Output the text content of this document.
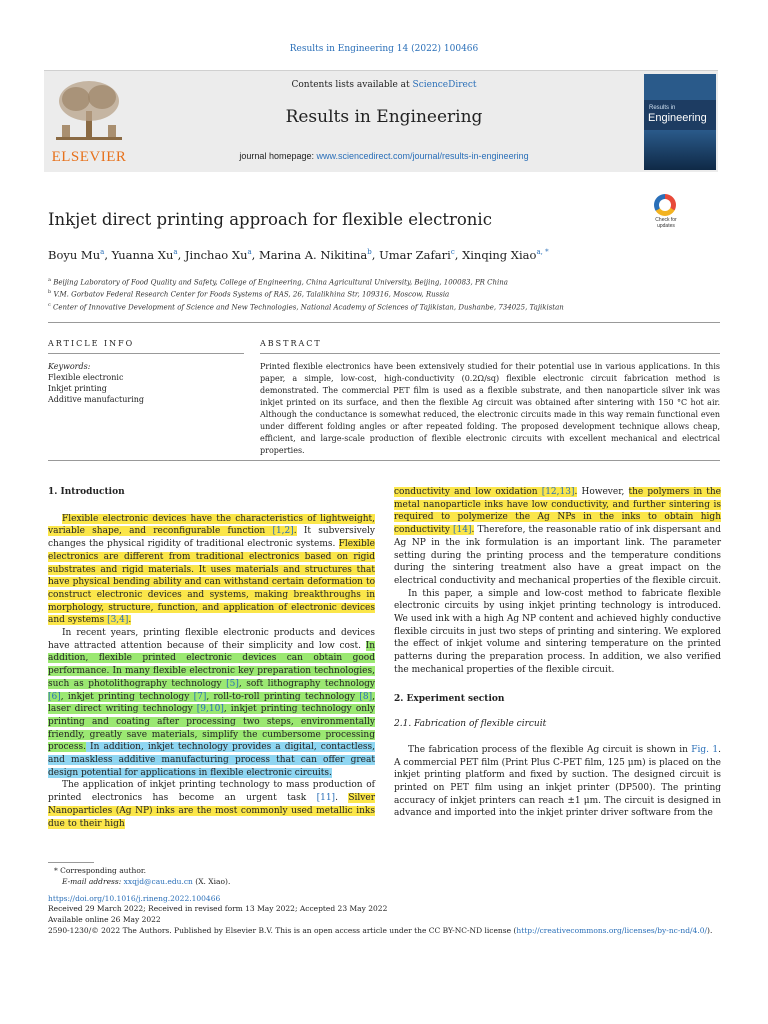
Results in Engineering 14 (2022) 100466
ELSEVIER
Contents lists available at ScienceDirect
Results in Engineering
journal homepage: www.sciencedirect.com/journal/results-in-engineering
Results in
Engineering
Inkjet direct printing approach for flexible electronic	Check for
updates
Boyu Mu$^a$, Yuanna Xu$^a$, Jinchao Xu$^a$, Marina A. Nikitina$^b$, Umar Zafari$^c$, Xinqing Xiao$^{a, *}$
$^a$ Beijing Laboratory of Food Quality and Safety, College of Engineering, China Agricultural University, Beijing, 100083, PR China
$^b$ V.M. Gorbatov Federal Research Center for Foods Systems of RAS, 26, Talalikhina Str, 109316, Moscow, Russia
$^c$ Center of Innovative Development of Science and New Technologies, National Academy of Sciences of Tajikistan, Dushanbe, 734025, Tajikistan
ARTICLE INFO	ABSTRACT
Keywords:
Flexible electronic
Inkjet printing
Additive manufacturing
Printed flexible electronics have been extensively studied for their potential use in various applications. In this paper, a simple, low-cost, high-conductivity (0.2Ω/sq) flexible electronic circuit fabrication method is demonstrated. The commercial PET film is used as a flexible substrate, and then nanoparticle silver ink was inkjet printed on its surface, and then the flexible Ag circuit was obtained after sintering with 150 °C hot air. Although the conductance is somewhat reduced, the electronic circuits made in this way remain functional even under different folding angles or after repeated folding. The proposed development technique allows cheap, efficient, and large-scale production of flexible electronic circuits with excellent mechanical and electrical properties.
1. Introduction

Flexible electronic devices have the characteristics of lightweight, variable shape, and reconfigurable function [1,2]. It subversively changes the physical rigidity of traditional electronic systems. Flexible electronics are different from traditional electronics based on rigid substrates and rigid materials. It uses materials and structures that have physical bending ability and can withstand certain deformation to construct electronic devices and systems, making breakthroughs in morphology, structure, function, and application of electronic devices and systems [3,4].

In recent years, printing flexible electronic products and devices have attracted attention because of their simplicity and low cost. In addition, flexible printed electronic devices can obtain good performance. In many flexible electronic key preparation technologies, such as photolithography technology [5], soft lithography technology [6], inkjet printing technology [7], roll-to-roll printing technology [8], laser direct writing technology [9,10], inkjet printing technology only printing and coating after processing two steps, environmentally friendly, greatly save materials, simplify the cumbersome processing process. In addition, inkjet technology provides a digital, contactless, and maskless additive manufacturing process that can offer great design potential for applications in flexible electronic circuits.

The application of inkjet printing technology to mass production of printed electronics has become an urgent task [11]. Silver Nanoparticles (Ag NP) inks are the most commonly used metallic inks due to their high

conductivity and low oxidation [12,13]. However, the polymers in the metal nanoparticle inks have low conductivity, and further sintering is required to polymerize the Ag NPs in the inks to obtain high conductivity [14]. Therefore, the reasonable ratio of ink dispersant and Ag NP in the ink formulation is an important link. The parameter setting during the printing process and the temperature conditions during the sintering treatment also have a great impact on the electrical conductivity and mechanical properties of the flexible circuit.

In this paper, a simple and low-cost method to fabricate flexible electronic circuits by using inkjet printing technology is introduced. We used ink with a high Ag NP content and achieved highly conductive flexible circuits in just two steps of printing and sintering. We explored the effect of inkjet volume and sintering temperature on the printed patterns during the preparation process. In addition, we also verified the mechanical properties of the flexible circuit.

2. Experiment section
2.1. Fabrication of flexible circuit

The fabrication process of the flexible Ag circuit is shown in Fig. 1. A commercial PET film (Print Plus C-PET film, 125 μm) is placed on the inkjet printing platform and fixed by suction. The designed circuit is printed on PET film using an inkjet printer (DP500). The printing accuracy of inkjet printers can reach ±1 μm. The circuit is designed in advance and imported into the inkjet printer driver software from the

* Corresponding author.
E-mail address: xxqjd@cau.edu.cn (X. Xiao).
https://doi.org/10.1016/j.rineng.2022.100466
Received 29 March 2022; Received in revised form 13 May 2022; Accepted 23 May 2022
Available online 26 May 2022
2590-1230/© 2022 The Authors. Published by Elsevier B.V. This is an open access article under the CC BY-NC-ND license (http://creativecommons.org/licenses/by-nc-nd/4.0/).
